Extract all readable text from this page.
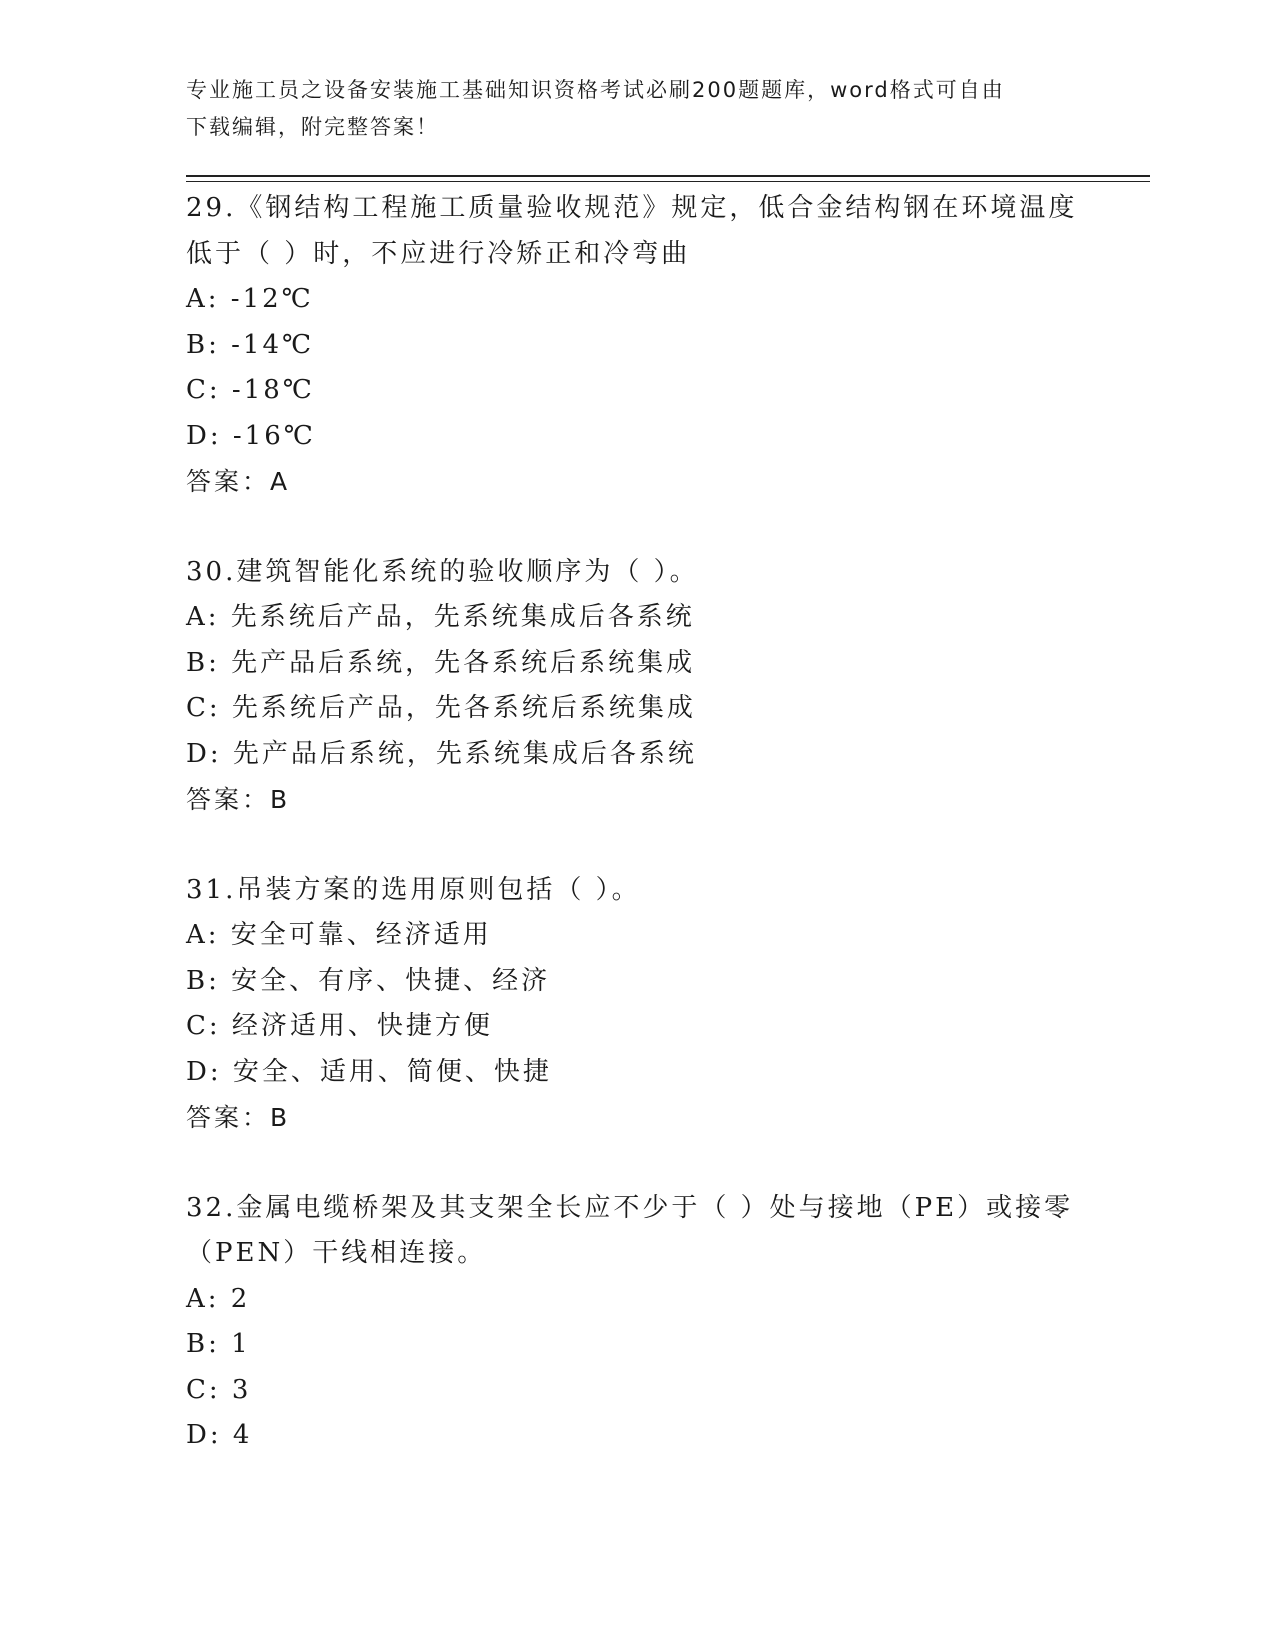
专业施工员之设备安装施工基础知识资格考试必刷200题题库，word格式可自由
下载编辑，附完整答案！

29.《钢结构工程施工质量验收规范》规定，低合金结构钢在环境温度

低于（ ）时，不应进行冷矫正和冷弯曲

A: -12℃

B: -14℃

C: -18℃

D: -16℃

答案：A

30.建筑智能化系统的验收顺序为（ ）。

A: 先系统后产品，先系统集成后各系统

B: 先产品后系统，先各系统后系统集成

C: 先系统后产品，先各系统后系统集成

D: 先产品后系统，先系统集成后各系统

答案：B

31.吊装方案的选用原则包括（ ）。

A: 安全可靠、经济适用

B: 安全、有序、快捷、经济

C: 经济适用、快捷方便

D: 安全、适用、简便、快捷

答案：B

32.金属电缆桥架及其支架全长应不少于（ ）处与接地（PE）或接零

（PEN）干线相连接。

A: 2

B: 1

C: 3

D: 4
